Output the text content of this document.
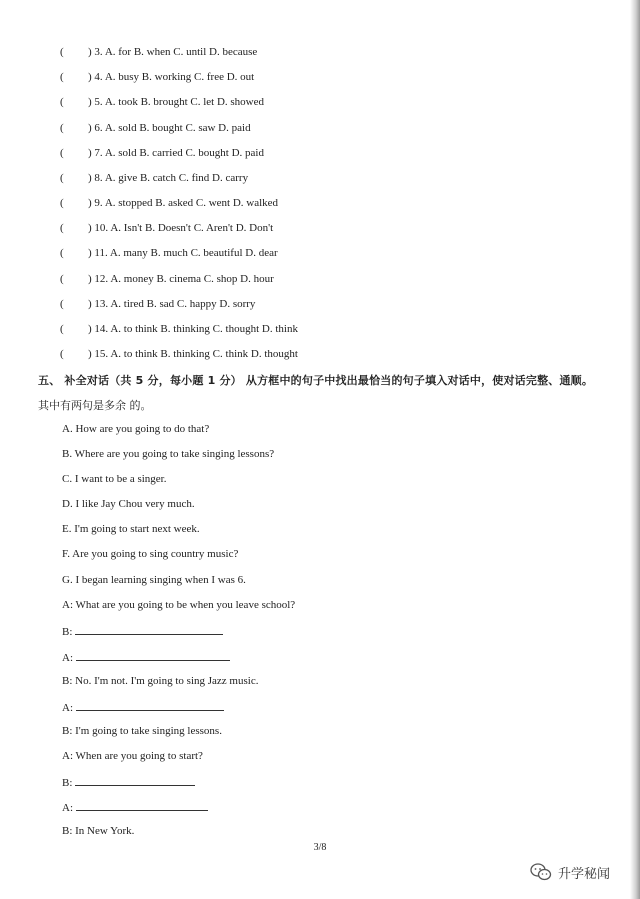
( ) 3. A. for B. when C. until D. because
( ) 4. A. busy B. working C. free D. out
( ) 5. A. took B. brought C. let D. showed
( ) 6. A. sold B. bought C. saw D. paid
( ) 7. A. sold B. carried C. bought D. paid
( ) 8. A. give B. catch C. find D. carry
( ) 9. A. stopped B. asked C. went D. walked
( ) 10. A. Isn't B. Doesn't C. Aren't D. Don't
( ) 11. A. many B. much C. beautiful D. dear
( ) 12. A. money B. cinema C. shop D. hour
( ) 13. A. tired B. sad C. happy D. sorry
( ) 14. A. to think B. thinking C. thought D. think
( ) 15. A. to think B. thinking C. think D. thought
五、 补全对话（共 5 分，每小题 1 分） 从方框中的句子中找出最恰当的句子填入对话中，使对话完整、通顺。
其中有两句是多余 的。
A. How are you going to do that?
B. Where are you going to take singing lessons?
C. I want to be a singer.
D. I like Jay Chou very much.
E. I'm going to start next week.
F. Are you going to sing country music?
G. I began learning singing when I was 6.
A: What are you going to be when you leave school?
B:
A:
B: No. I'm not. I'm going to sing Jazz music.
A:
B: I'm going to take singing lessons.
A: When are you going to start?
B:
A:
B: In New York.
3/8
升学秘闻
